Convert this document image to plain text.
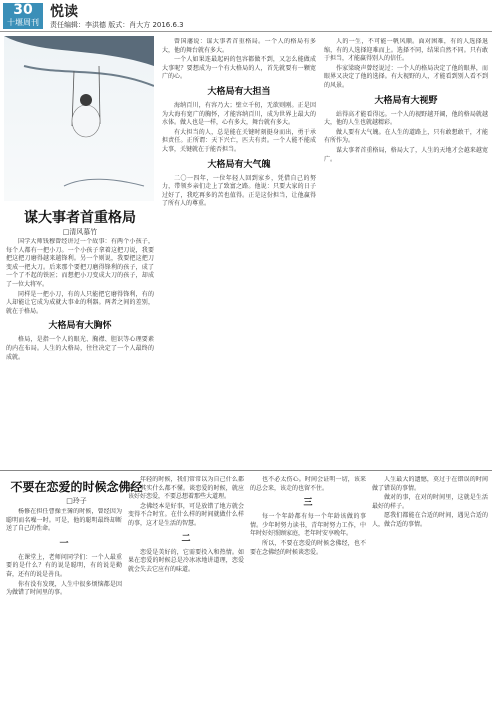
30
十堰周刊
悦读
责任编辑：李洪德 版式：肖大方 2016.6.3
谋大事者首重格局
□清风慕竹

国学大师钱穆曾经讲过一个故事：有两个小孩子，每个人都有一把小刀。一个小孩子拿着这把刀说，我要把这把刀磨得越来越锋利。另一个则说，我要把这把刀变成一把大刀。后来那个要把刀磨得锋利的孩子，成了一个了不起的铁匠；而想把小刀变成大刀的孩子，却成了一位大将军。

同样是一把小刀，有的人只能把它磨得锋利，有的人却能让它成为成就大事业的利器。两者之间的差别，就在于格局。

大格局有大胸怀

格局，是指一个人的眼光、胸襟、胆识等心理要素的内在布局。人生的大格局，往往决定了一个人最终的成就。

曾国藩说：谋大事者首重格局。一个人的格局有多大，他的舞台就有多大。

一个人如果连最起码的包容都做不到，又怎么能做成大事呢？要想成为一个有大格局的人，首先就要有一颗宽广的心。

大格局有大担当

海纳百川，有容乃大；壁立千仞，无欲则刚。正是因为大海有宽广的胸怀，才能容纳百川，成为世界上最大的水体。做人也是一样，心有多大，舞台就有多大。

有大担当的人，总是能在关键时刻挺身而出，勇于承担责任。正所谓：天下兴亡，匹夫有责。一个人能不能成大事，关键就在于能否担当。

大格局有大气魄

二〇一四年，一位年轻人回到家乡，凭借自己的努力，带领乡亲们走上了致富之路。他说：只要大家的日子过好了，我吃再多的苦也值得。正是这份担当，让他赢得了所有人的尊重。

人的一生，不可能一帆风顺。面对困难，有的人选择退缩，有的人选择迎难而上。选择不同，结果自然不同。只有敢于担当，才能赢得别人的信任。

作家梁晓声曾经说过：一个人的格局决定了他的眼界，而眼界又决定了他的选择。有大视野的人，才能看到别人看不到的风景。

大格局有大视野

站得高才能看得远。一个人的视野越开阔，他的格局就越大，他的人生也就越精彩。

做人要有大气魄。在人生的道路上，只有敢想敢干，才能有所作为。

谋大事者首重格局，格局大了，人生的天地才会越来越宽广。

不要在恋爱的时候念佛经
□玲子

杨修在担任曹操主簿的时候，曾经因为聪明而名噪一时。可是，他的聪明最终却断送了自己的性命。

一

在课堂上，老师问同学们：一个人最重要的是什么？有的说是聪明，有的说是勤奋，还有的说是善良。

你有没有发现，人生中很多烦恼都是因为做错了时间里的事。

年轻的时候，我们常常以为自己什么都懂，其实什么都不懂。谈恋爱的时候，就应该好好恋爱，不要总想着那些大道理。

念佛经本是好事，可是放错了地方就会变得不合时宜。在什么样的时间就做什么样的事，这才是生活的智慧。

二

恋爱是美好的，它需要投入和热情。如果在恋爱的时候总是冷冰冰地讲道理，恋爱就会失去它应有的味道。

也不必太伤心。时间会证明一切，该来的总会来，该走的也留不住。

三

每一个年龄都有每一个年龄该做的事情。少年时努力读书，青年时努力工作，中年时好好照顾家庭，老年时安享晚年。

所以，不要在恋爱的时候念佛经，也不要在念佛经的时候谈恋爱。

人生最大的遗憾，莫过于在错误的时间做了错误的事情。

做对的事，在对的时间里，这就是生活最好的样子。

愿我们都能在合适的时间，遇见合适的人，做合适的事情。
